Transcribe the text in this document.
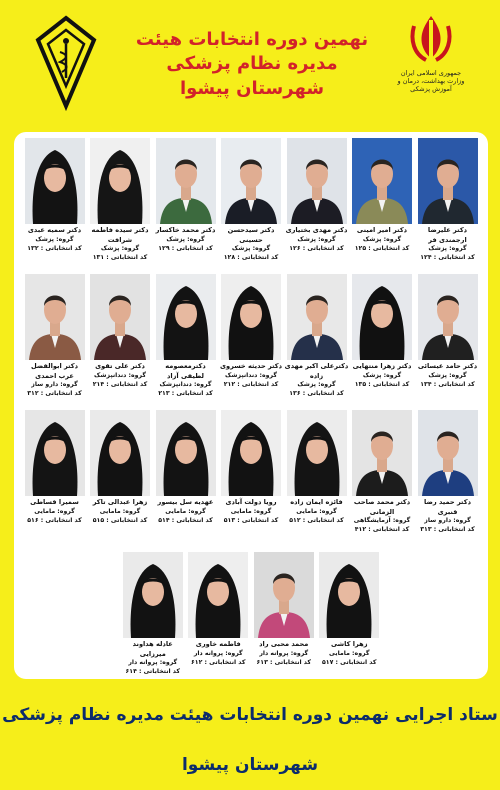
نهمین دوره انتخابات هیئت مدیره نظام پزشکی
شهرستان پیشوا
جمهوری اسلامی ایران
وزارت بهداشت، درمان و آموزش پزشکی
دکتر علیرضا ارجمندی فر
گروه: پزشک
کد انتخاباتی : ۱۲۴
دکتر امیر امینی
گروه: پزشک
کد انتخاباتی : ۱۲۵
دکتر مهدی بختیاری
گروه: پزشک
کد انتخاباتی : ۱۲۶
دکتر سیدحسن حسینی
گروه: پزشک
کد انتخاباتی : ۱۲۸
دکتر محمد خاکسار
گروه: پزشک
کد انتخاباتی : ۱۲۹
دکتر سیده فاطمه شرافت
گروه: پزشک
کد انتخاباتی : ۱۳۱
دکتر سمیه عبدی
گروه: پزشک
کد انتخاباتی : ۱۳۲
دکتر حامد عیسائی
گروه: پزشک
کد انتخاباتی : ۱۳۴
دکتر زهرا منتهایی
گروه: پزشک
کد انتخاباتی : ۱۳۵
دکترعلی اکبر مهدی زاده
گروه: پزشک
کد انتخاباتی : ۱۳۶
دکتر حدیثه خسروی
گروه: دندانپزشک
کد انتخاباتی : ۲۱۲
دکترمعصومه لطیفی آزاد
گروه: دندانپزشک
کد انتخاباتی : ۲۱۳
دکتر علی تقوی
گروه: دندانپزشک
کد انتخاباتی : ۲۱۴
دکتر ابوالفضل عرب احمدی
گروه: دارو ساز
کد انتخاباتی : ۳۱۲
دکتر حمید رضا قنبری
گروه: دارو ساز
کد انتخاباتی : ۳۱۳
دکتر محمد صاحب الزمانی
گروه: آزمایشگاهی
کد انتخاباتی : ۴۱۲
فائزه ایمان زاده
گروه: مامایی
کد انتخاباتی : ۵۱۲
رویا دولت آبادی
گروه: مامایی
کد انتخاباتی : ۵۱۳
عهدیه سل بیسور
گروه: مامایی
کد انتخاباتی : ۵۱۴
زهرا عبدالی تاکر
گروه: مامایی
کد انتخاباتی : ۵۱۵
سمیرا قساطی
گروه: مامایی
کد انتخاباتی : ۵۱۶
زهرا کاشی
گروه: مامایی
کد انتخاباتی : ۵۱۷
محمد محبی راد
گروه: پروانه دار
کد انتخاباتی : ۶۱۳
فاطمه خاوری
گروه: پروانه دار
کد انتخاباتی : ۶۱۲
عادله هداوند میرزایی
گروه: پروانه دار
کد انتخاباتی : ۶۱۴
ستاد اجرایی نهمین دوره انتخابات هیئت مدیره نظام پزشکی شهرستان پیشوا
